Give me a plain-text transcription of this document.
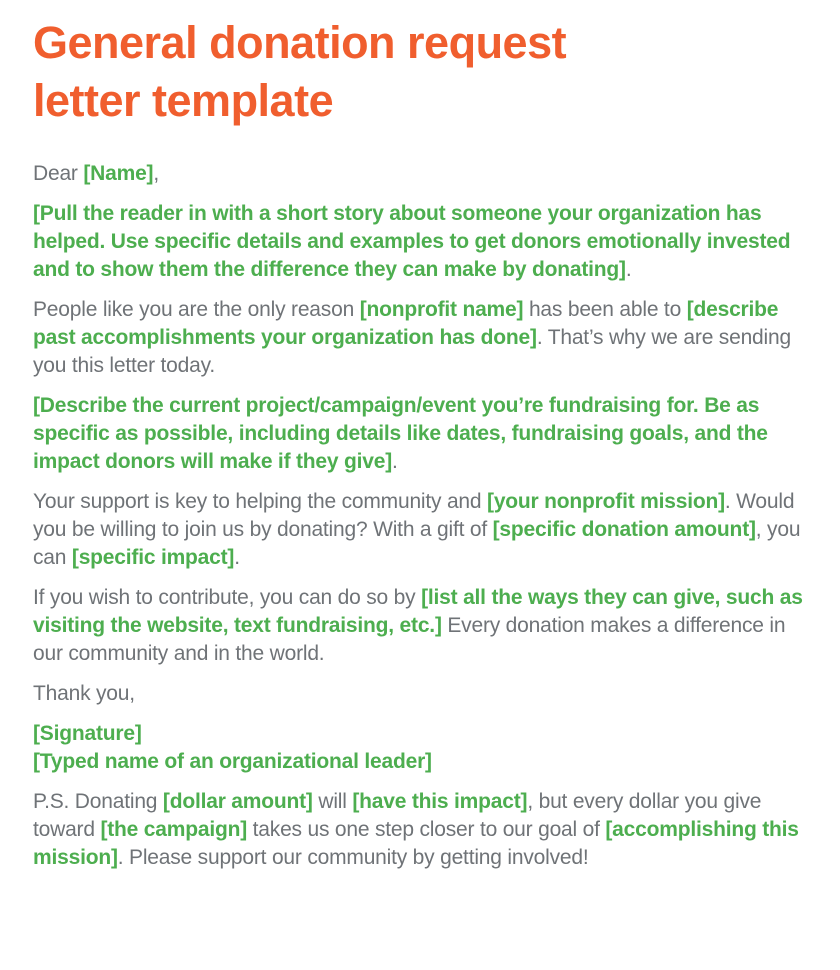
General donation request
letter template

Dear [Name],

[Pull the reader in with a short story about someone your organization has helped. Use specific details and examples to get donors emotionally invested and to show them the difference they can make by donating].

People like you are the only reason [nonprofit name] has been able to [describe past accomplishments your organization has done]. That’s why we are sending you this letter today.

[Describe the current project/campaign/event you’re fundraising for. Be as specific as possible, including details like dates, fundraising goals, and the impact donors will make if they give].

Your support is key to helping the community and [your nonprofit mission]. Would you be willing to join us by donating? With a gift of [specific donation amount], you can [specific impact].

If you wish to contribute, you can do so by [list all the ways they can give, such as visiting the website, text fundraising, etc.] Every donation makes a difference in our community and in the world.

Thank you,

[Signature]
[Typed name of an organizational leader]

P.S. Donating [dollar amount] will [have this impact], but every dollar you give toward [the campaign] takes us one step closer to our goal of [accomplishing this mission]. Please support our community by getting involved!
